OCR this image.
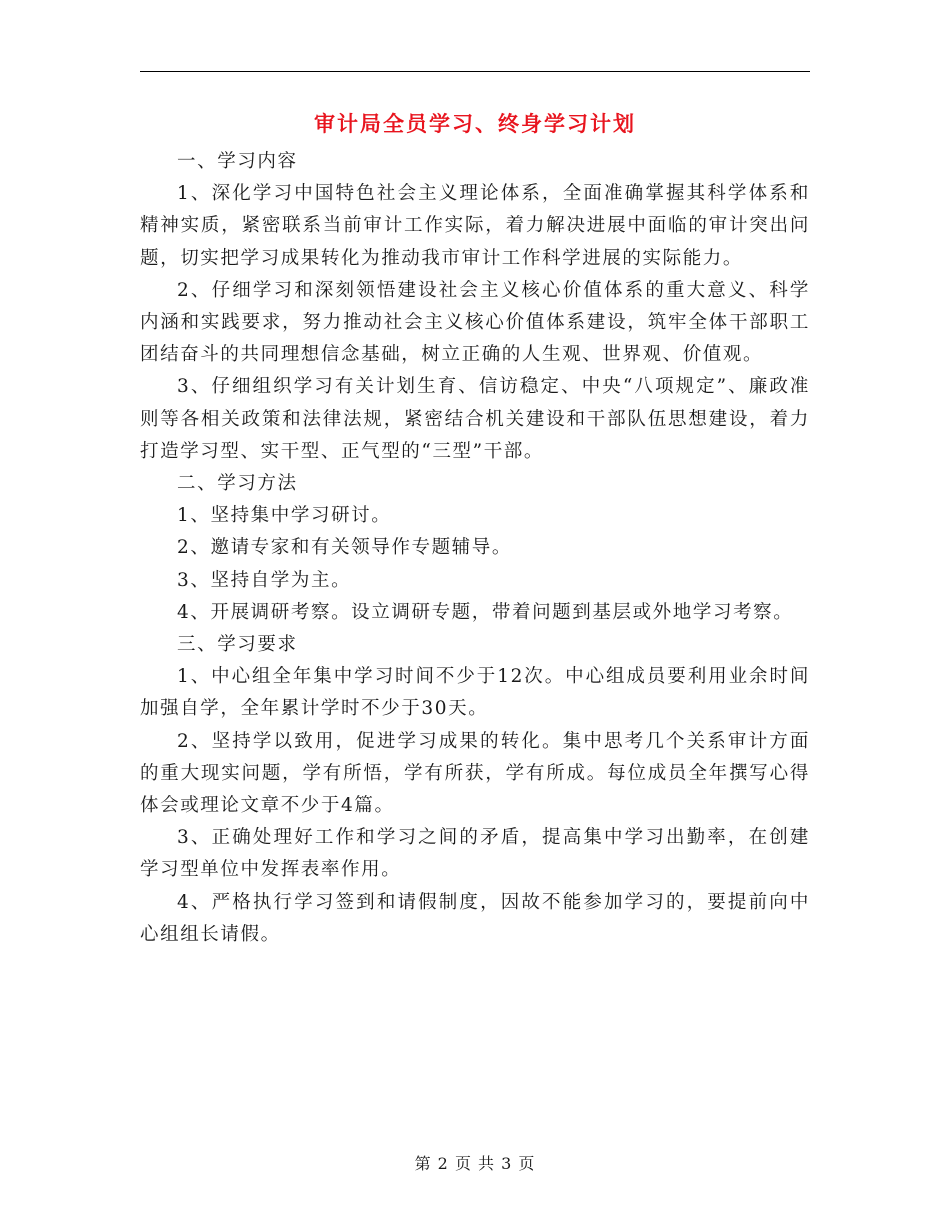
审计局全员学习、终身学习计划

一、学习内容

1、深化学习中国特色社会主义理论体系，全面准确掌握其科学体系和精神实质，紧密联系当前审计工作实际，着力解决进展中面临的审计突出问题，切实把学习成果转化为推动我市审计工作科学进展的实际能力。

2、仔细学习和深刻领悟建设社会主义核心价值体系的重大意义、科学内涵和实践要求，努力推动社会主义核心价值体系建设，筑牢全体干部职工团结奋斗的共同理想信念基础，树立正确的人生观、世界观、价值观。

3、仔细组织学习有关计划生育、信访稳定、中央“八项规定”、廉政准则等各相关政策和法律法规，紧密结合机关建设和干部队伍思想建设，着力打造学习型、实干型、正气型的“三型”干部。

二、学习方法

1、坚持集中学习研讨。

2、邀请专家和有关领导作专题辅导。

3、坚持自学为主。

4、开展调研考察。设立调研专题，带着问题到基层或外地学习考察。

三、学习要求

1、中心组全年集中学习时间不少于12次。中心组成员要利用业余时间加强自学，全年累计学时不少于30天。

2、坚持学以致用，促进学习成果的转化。集中思考几个关系审计方面的重大现实问题，学有所悟，学有所获，学有所成。每位成员全年撰写心得体会或理论文章不少于4篇。

3、正确处理好工作和学习之间的矛盾，提高集中学习出勤率，在创建学习型单位中发挥表率作用。

4、严格执行学习签到和请假制度，因故不能参加学习的，要提前向中心组组长请假。

第 2 页 共 3 页
